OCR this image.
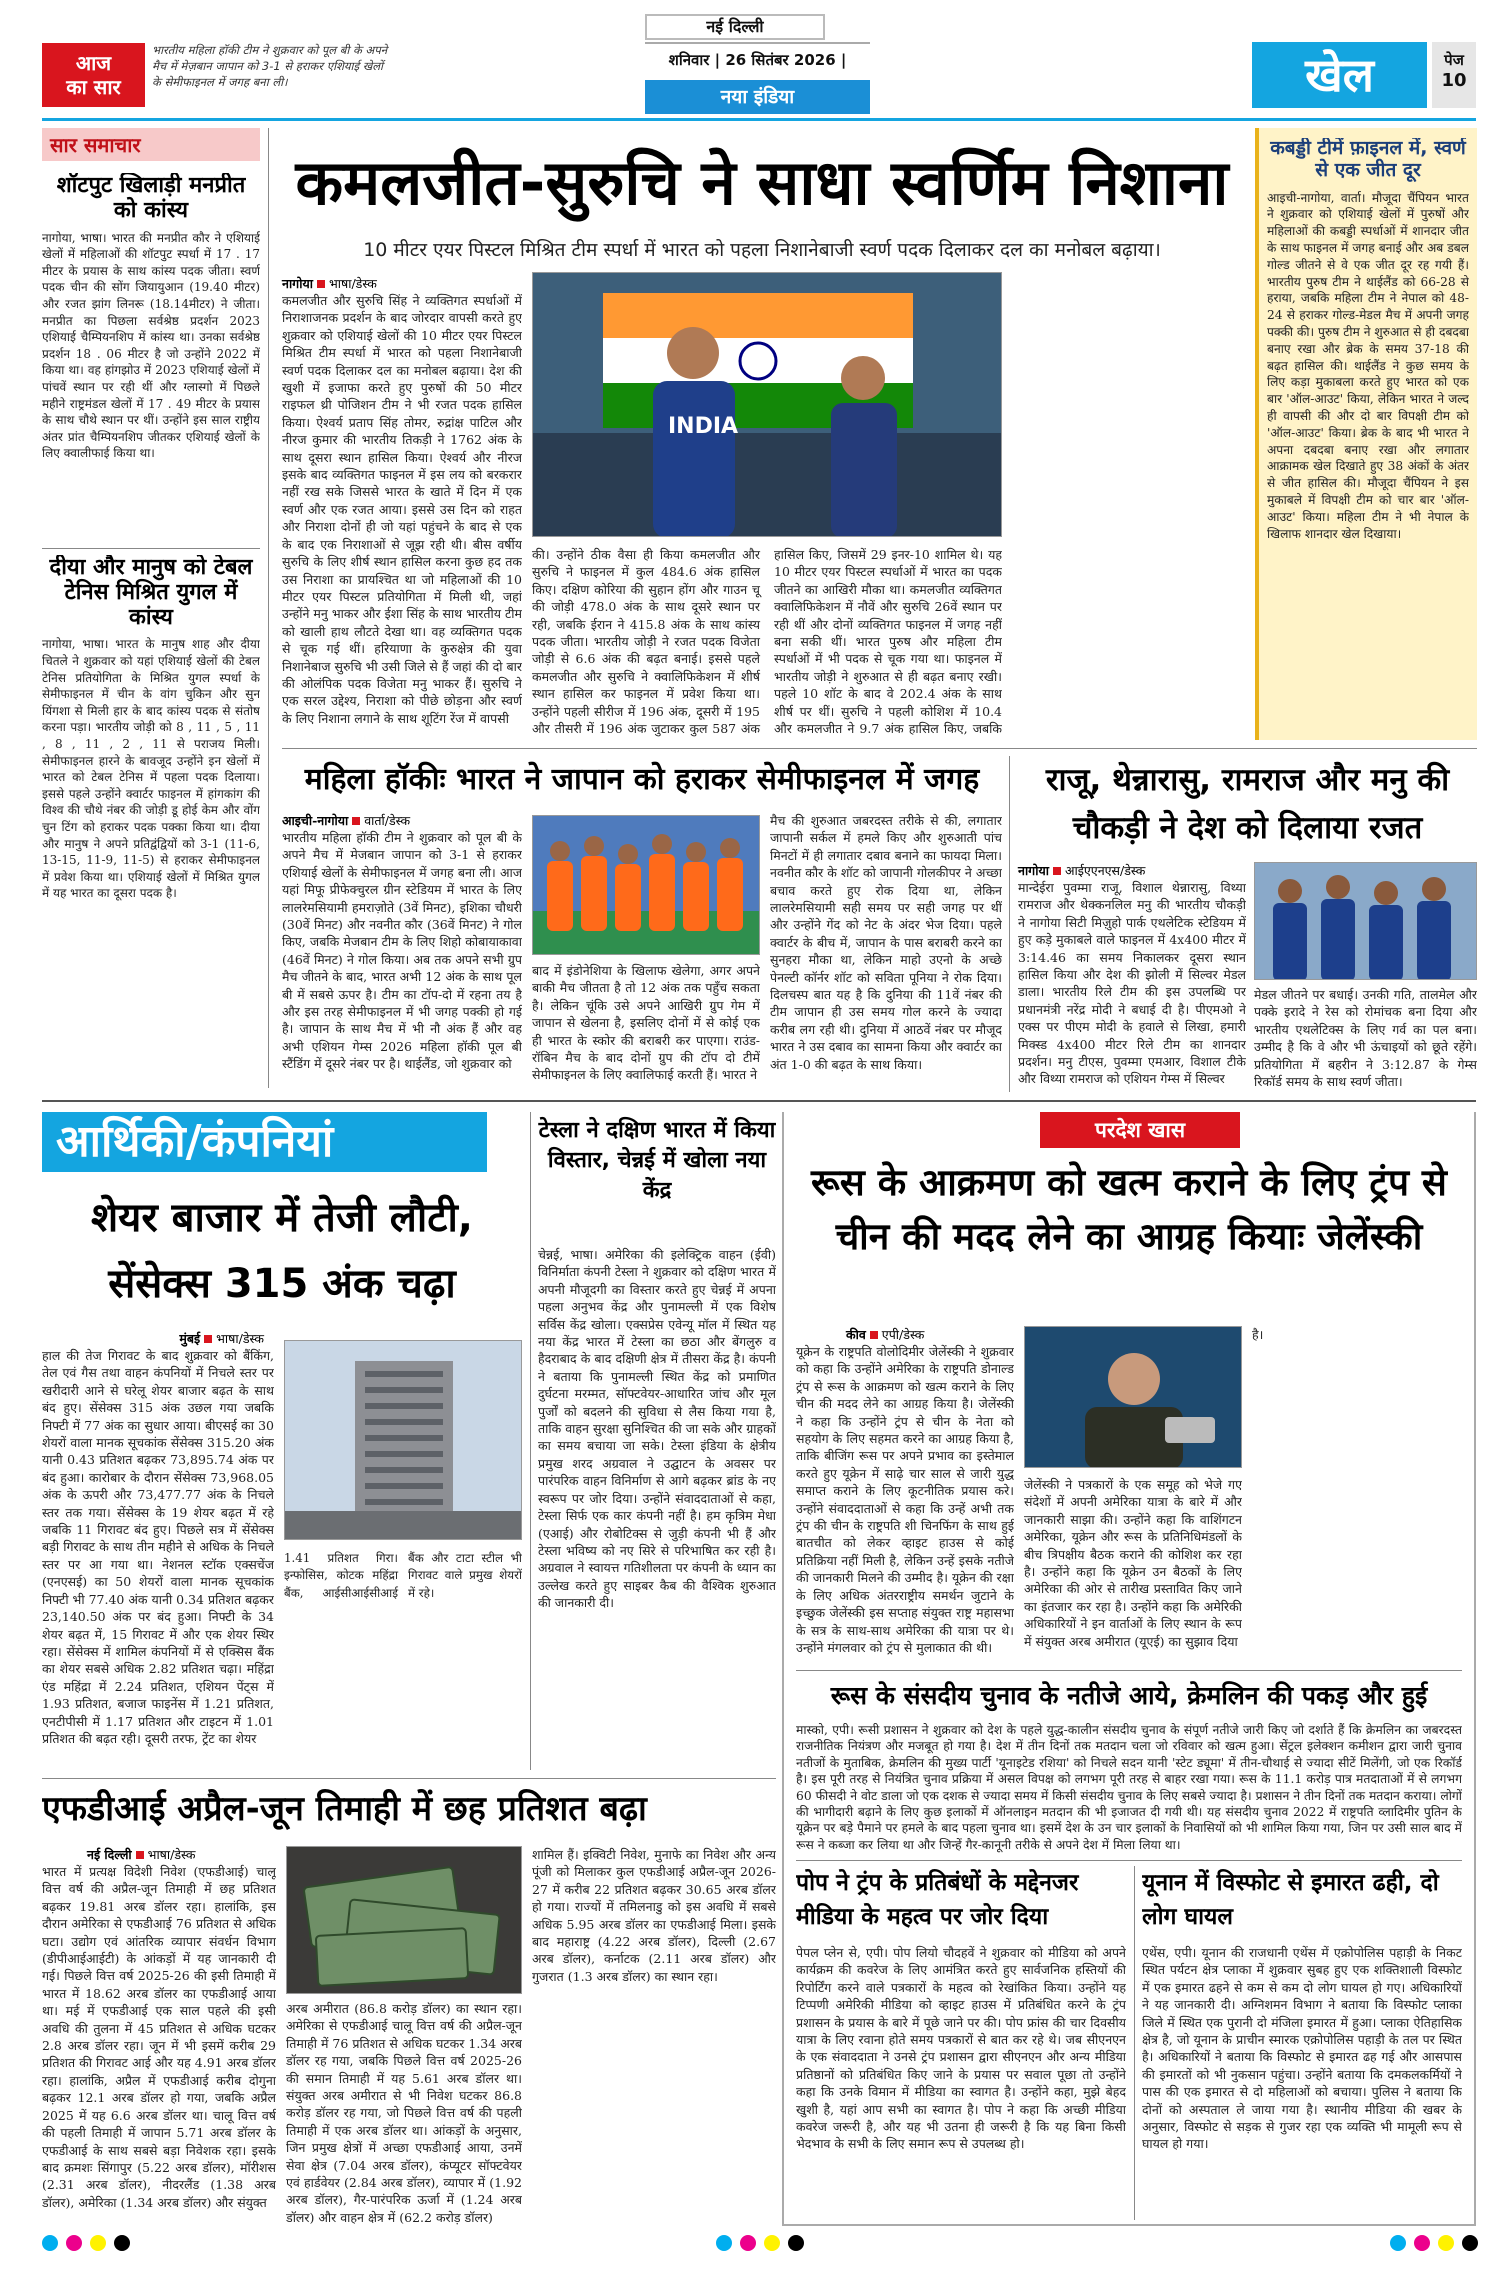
आज का सार
भारतीय महिला हॉकी टीम ने शुक्रवार को पूल बी के अपने मैच में मेज़बान जापान को 3-1 से हराकर एशियाई खेलों के सेमीफाइनल में जगह बना ली।
नई दिल्ली
शनिवार | 26 सितंबर 2026 |
नया इंडिया	खेल	पेज
10
सार समाचार
शॉटपुट खिलाड़ी मनप्रीत को कांस्य
नागोया, भाषा। भारत की मनप्रीत कौर ने एशियाई खेलों में महिलाओं की शॉटपुट स्पर्धा में 17 . 17 मीटर के प्रयास के साथ कांस्य पदक जीता। स्वर्ण पदक चीन की सोंग जियायुआन (19.40 मीटर) और रजत झांग लिनरू (18.14मीटर) ने जीता। मनप्रीत का पिछला सर्वश्रेष्ठ प्रदर्शन 2023 एशियाई चैम्पियनशिप में कांस्य था। उनका सर्वश्रेष्ठ प्रदर्शन 18 . 06 मीटर है जो उन्होंने 2022 में किया था। वह हांगझोउ में 2023 एशियाई खेलों में पांचवें स्थान पर रही थीं और ग्लास्गो में पिछले महीने राष्ट्रमंडल खेलों में 17 . 49 मीटर के प्रयास के साथ चौथे स्थान पर थीं। उन्होंने इस साल राष्ट्रीय अंतर प्रांत चैम्पियनशिप जीतकर एशियाई खेलों के लिए क्वालीफाई किया था।
दीया और मानुष को टेबल टेनिस मिश्रित युगल में कांस्य
नागोया, भाषा। भारत के मानुष शाह और दीया चितले ने शुक्रवार को यहां एशियाई खेलों की टेबल टेनिस प्रतियोगिता के मिश्रित युगल स्पर्धा के सेमीफाइनल में चीन के वांग चुकिन और सुन यिंगशा से मिली हार के बाद कांस्य पदक से संतोष करना पड़ा। भारतीय जोड़ी को 8 , 11 , 5 , 11 , 8 , 11 , 2 , 11 से पराजय मिली। सेमीफाइनल हारने के बावजूद उन्होंने इन खेलों में भारत को टेबल टेनिस में पहला पदक दिलाया। इससे पहले उन्होंने क्वार्टर फाइनल में हांगकांग की विश्व की चौथे नंबर की जोड़ी डू होई केम और वोंग चुन टिंग को हराकर पदक पक्का किया था। दीया और मानुष ने अपने प्रतिद्वंद्वियों को 3-1 (11-6, 13-15, 11-9, 11-5) से हराकर सेमीफाइनल में प्रवेश किया था। एशियाई खेलों में मिश्रित युगल में यह भारत का दूसरा पदक है।
कमलजीत-सुरुचि ने साधा स्वर्णिम निशाना
10 मीटर एयर पिस्टल मिश्रित टीम स्पर्धा में भारत को पहला निशानेबाजी स्वर्ण पदक दिलाकर दल का मनोबल बढ़ाया।
नागोया भाषा/डेस्क
कमलजीत और सुरुचि सिंह ने व्यक्तिगत स्पर्धाओं में निराशाजनक प्रदर्शन के बाद जोरदार वापसी करते हुए शुक्रवार को एशियाई खेलों की 10 मीटर एयर पिस्टल मिश्रित टीम स्पर्धा में भारत को पहला निशानेबाजी स्वर्ण पदक दिलाकर दल का मनोबल बढ़ाया। देश की खुशी में इजाफा करते हुए पुरुषों की 50 मीटर राइफल थ्री पोजिशन टीम ने भी रजत पदक हासिल किया। ऐश्वर्य प्रताप सिंह तोमर, रुद्रांक्ष पाटिल और नीरज कुमार की भारतीय तिकड़ी ने 1762 अंक के साथ दूसरा स्थान हासिल किया। ऐश्वर्य और नीरज इसके बाद व्यक्तिगत फाइनल में इस लय को बरकरार नहीं रख सके जिससे भारत के खाते में दिन में एक स्वर्ण और एक रजत आया। इससे उस दिन को राहत और निराशा दोनों ही जो यहां पहुंचने के बाद से एक के बाद एक निराशाओं से जूझ रही थी। बीस वर्षीय सुरुचि के लिए शीर्ष स्थान हासिल करना कुछ हद तक उस निराशा का प्रायश्चित था जो महिलाओं की 10 मीटर एयर पिस्टल प्रतियोगिता में मिली थी, जहां उन्होंने मनु भाकर और ईशा सिंह के साथ भारतीय टीम को खाली हाथ लौटते देखा था। वह व्यक्तिगत पदक से चूक गई थीं। हरियाणा के कुरुक्षेत्र की युवा निशानेबाज सुरुचि भी उसी जिले से हैं जहां की दो बार की ओलंपिक पदक विजेता मनु भाकर हैं। सुरुचि ने एक सरल उद्देश्य, निराशा को पीछे छोड़ना और स्वर्ण के लिए निशाना लगाने के साथ शूटिंग रेंज में वापसी
INDIA
की। उन्होंने ठीक वैसा ही किया कमलजीत और सुरुचि ने फाइनल में कुल 484.6 अंक हासिल किए। दक्षिण कोरिया की सुहान होंग और गाउन चू की जोड़ी 478.0 अंक के साथ दूसरे स्थान पर रही, जबकि ईरान ने 415.8 अंक के साथ कांस्य पदक जीता। भारतीय जोड़ी ने रजत पदक विजेता जोड़ी से 6.6 अंक की बढ़त बनाई। इससे पहले कमलजीत और सुरुचि ने क्वालिफिकेशन में शीर्ष स्थान हासिल कर फाइनल में प्रवेश किया था। उन्होंने पहली सीरीज में 196 अंक, दूसरी में 195 और तीसरी में 196 अंक जुटाकर कुल 587 अंक हासिल किए, जिसमें 29 इनर-10 शामिल थे। यह 10 मीटर एयर पिस्टल स्पर्धाओं में भारत का पदक जीतने का आखिरी मौका था। कमलजीत व्यक्तिगत क्वालिफिकेशन में नौवें और सुरुचि 26वें स्थान पर रही थीं और दोनों व्यक्तिगत फाइनल में जगह नहीं बना सकी थीं। भारत पुरुष और महिला टीम स्पर्धाओं में भी पदक से चूक गया था। फाइनल में भारतीय जोड़ी ने शुरुआत से ही बढ़त बनाए रखी। पहले 10 शॉट के बाद वे 202.4 अंक के साथ शीर्ष पर थीं। सुरुचि ने पहली कोशिश में 10.4 और कमलजीत ने 9.7 अंक हासिल किए, जबकि
कबड्डी टीमें फ़ाइनल में, स्वर्ण से एक जीत दूर
आइची-नागोया, वार्ता। मौजूदा चैंपियन भारत ने शुक्रवार को एशियाई खेलों में पुरुषों और महिलाओं की कबड्डी स्पर्धाओं में शानदार जीत के साथ फाइनल में जगह बनाई और अब डबल गोल्ड जीतने से वे एक जीत दूर रह गयी हैं। भारतीय पुरुष टीम ने थाईलैंड को 66-28 से हराया, जबकि महिला टीम ने नेपाल को 48-24 से हराकर गोल्ड-मेडल मैच में अपनी जगह पक्की की। पुरुष टीम ने शुरुआत से ही दबदबा बनाए रखा और ब्रेक के समय 37-18 की बढ़त हासिल की। थाईलैंड ने कुछ समय के लिए कड़ा मुकाबला करते हुए भारत को एक बार 'ऑल-आउट' किया, लेकिन भारत ने जल्द ही वापसी की और दो बार विपक्षी टीम को 'ऑल-आउट' किया। ब्रेक के बाद भी भारत ने अपना दबदबा बनाए रखा और लगातार आक्रामक खेल दिखाते हुए 38 अंकों के अंतर से जीत हासिल की। मौजूदा चैंपियन ने इस मुकाबले में विपक्षी टीम को चार बार 'ऑल-आउट' किया। महिला टीम ने भी नेपाल के खिलाफ शानदार खेल दिखाया।
महिला हॉकीः भारत ने जापान को हराकर सेमीफाइनल में जगह
आइची-नागोया वार्ता/डेस्क
भारतीय महिला हॉकी टीम ने शुक्रवार को पूल बी के अपने मैच में मेजबान जापान को 3-1 से हराकर एशियाई खेलों के सेमीफाइनल में जगह बना ली। आज यहां मिफू प्रीफेक्चुरल ग्रीन स्टेडियम में भारत के लिए लालरेमसियामी हमराज़ोते (3वें मिनट), इशिका चौधरी (30वें मिनट) और नवनीत कौर (36वें मिनट) ने गोल किए, जबकि मेजबान टीम के लिए शिहो कोबायाकावा (46वें मिनट) ने गोल किया। अब तक अपने सभी ग्रुप मैच जीतने के बाद, भारत अभी 12 अंक के साथ पूल बी में सबसे ऊपर है। टीम का टॉप-दो में रहना तय है और इस तरह सेमीफाइनल में भी जगह पक्की हो गई है। जापान के साथ मैच में भी नौ अंक हैं और वह अभी एशियन गेम्स 2026 महिला हॉकी पूल बी स्टैंडिंग में दूसरे नंबर पर है। थाईलैंड, जो शुक्रवार को
बाद में इंडोनेशिया के खिलाफ खेलेगा, अगर अपने बाकी मैच जीतता है तो 12 अंक तक पहुँच सकता है। लेकिन चूंकि उसे अपने आखिरी ग्रुप गेम में जापान से खेलना है, इसलिए दोनों में से कोई एक ही भारत के स्कोर की बराबरी कर पाएगा। राउंड-रॉबिन मैच के बाद दोनों ग्रुप की टॉप दो टीमें सेमीफाइनल के लिए क्वालिफाई करती हैं। भारत ने
मैच की शुरुआत जबरदस्त तरीके से की, लगातार जापानी सर्कल में हमले किए और शुरुआती पांच मिनटों में ही लगातार दबाव बनाने का फायदा मिला। नवनीत कौर के शॉट को जापानी गोलकीपर ने अच्छा बचाव करते हुए रोक दिया था, लेकिन लालरेमसियामी सही समय पर सही जगह पर थीं और उन्होंने गेंद को नेट के अंदर भेज दिया। पहले क्वार्टर के बीच में, जापान के पास बराबरी करने का सुनहरा मौका था, लेकिन माहो उएनो के अच्छे पेनल्टी कॉर्नर शॉट को सविता पूनिया ने रोक दिया। दिलचस्प बात यह है कि दुनिया की 11वें नंबर की टीम जापान ही उस समय गोल करने के ज्यादा करीब लग रही थी। दुनिया में आठवें नंबर पर मौजूद भारत ने उस दबाव का सामना किया और क्वार्टर का अंत 1-0 की बढ़त के साथ किया।
राजू, थेन्नारासु, रामराज और मनु की चौकड़ी ने देश को दिलाया रजत
नागोया आईएएनएस/डेस्क
मान्देईरा पुवम्मा राजू, विशाल थेन्नारासु, विथ्या रामराज और थेक्कनलिल मनु की भारतीय चौकड़ी ने नागोया सिटी मिज़ुहो पार्क एथलेटिक स्टेडियम में हुए कड़े मुकाबले वाले फाइनल में 4x400 मीटर में 3:14.46 का समय निकालकर दूसरा स्थान हासिल किया और देश की झोली में सिल्वर मेडल डाला। भारतीय रिले टीम की इस उपलब्धि पर प्रधानमंत्री नरेंद्र मोदी ने बधाई दी है। पीएमओ ने एक्स पर पीएम मोदी के हवाले से लिखा, हमारी मिक्स्ड 4x400 मीटर रिले टीम का शानदार प्रदर्शन। मनु टीएस, पुवम्मा एमआर, विशाल टीके और विथ्या रामराज को एशियन गेम्स में सिल्वर
मेडल जीतने पर बधाई। उनकी गति, तालमेल और पक्के इरादे ने रेस को रोमांचक बना दिया और भारतीय एथलेटिक्स के लिए गर्व का पल बना। उम्मीद है कि वे और भी ऊंचाइयों को छूते रहेंगे। प्रतियोगिता में बहरीन ने 3:12.87 के गेम्स रिकॉर्ड समय के साथ स्वर्ण जीता।
आर्थिकी/कंपनियां
शेयर बाजार में तेजी लौटी, सेंसेक्स 315 अंक चढ़ा
मुंबई भाषा/डेस्क
हाल की तेज गिरावट के बाद शुक्रवार को बैंकिंग, तेल एवं गैस तथा वाहन कंपनियों में निचले स्तर पर खरीदारी आने से घरेलू शेयर बाजार बढ़त के साथ बंद हुए। सेंसेक्स 315 अंक उछल गया जबकि निफ्टी में 77 अंक का सुधार आया। बीएसई का 30 शेयरों वाला मानक सूचकांक सेंसेक्स 315.20 अंक यानी 0.43 प्रतिशत बढ़कर 73,895.74 अंक पर बंद हुआ। कारोबार के दौरान सेंसेक्स 73,968.05 अंक के ऊपरी और 73,477.77 अंक के निचले स्तर तक गया। सेंसेक्स के 19 शेयर बढ़त में रहे जबकि 11 गिरावट बंद हुए। पिछले सत्र में सेंसेक्स बड़ी गिरावट के साथ तीन महीने से अधिक के निचले स्तर पर आ गया था। नेशनल स्टॉक एक्सचेंज (एनएसई) का 50 शेयरों वाला मानक सूचकांक निफ्टी भी 77.40 अंक यानी 0.34 प्रतिशत बढ़कर 23,140.50 अंक पर बंद हुआ। निफ्टी के 34 शेयर बढ़त में, 15 गिरावट में और एक शेयर स्थिर रहा। सेंसेक्स में शामिल कंपनियों में से एक्सिस बैंक का शेयर सबसे अधिक 2.82 प्रतिशत चढ़ा। महिंद्रा एंड महिंद्रा में 2.24 प्रतिशत, एशियन पेंट्स में 1.93 प्रतिशत, बजाज फाइनेंस में 1.21 प्रतिशत, एनटीपीसी में 1.17 प्रतिशत और टाइटन में 1.01 प्रतिशत की बढ़त रही। दूसरी तरफ, ट्रेंट का शेयर
1.41 प्रतिशत गिरा। इन्फोसिस, कोटक महिंद्रा बैंक, आईसीआईसीआई बैंक और टाटा स्टील भी गिरावट वाले प्रमुख शेयरों में रहे।
टेस्ला ने दक्षिण भारत में किया विस्तार, चेन्नई में खोला नया केंद्र
चेन्नई, भाषा। अमेरिका की इलेक्ट्रिक वाहन (ईवी) विनिर्माता कंपनी टेस्ला ने शुक्रवार को दक्षिण भारत में अपनी मौजूदगी का विस्तार करते हुए चेन्नई में अपना पहला अनुभव केंद्र और पुनामल्ली में एक विशेष सर्विस केंद्र खोला। एक्सप्रेस एवेन्यू मॉल में स्थित यह नया केंद्र भारत में टेस्ला का छठा और बेंगलुरु व हैदराबाद के बाद दक्षिणी क्षेत्र में तीसरा केंद्र है। कंपनी ने बताया कि पुनामल्ली स्थित केंद्र को प्रमाणित दुर्घटना मरम्मत, सॉफ्टवेयर-आधारित जांच और मूल पुर्जों को बदलने की सुविधा से लैस किया गया है, ताकि वाहन सुरक्षा सुनिश्चित की जा सके और ग्राहकों का समय बचाया जा सके। टेस्ला इंडिया के क्षेत्रीय प्रमुख शरद अग्रवाल ने उद्घाटन के अवसर पर पारंपरिक वाहन विनिर्माण से आगे बढ़कर ब्रांड के नए स्वरूप पर जोर दिया। उन्होंने संवाददाताओं से कहा, टेस्ला सिर्फ एक कार कंपनी नहीं है। हम कृत्रिम मेधा (एआई) और रोबोटिक्स से जुड़ी कंपनी भी हैं और टेस्ला भविष्य को नए सिरे से परिभाषित कर रही है। अग्रवाल ने स्वायत्त गतिशीलता पर कंपनी के ध्यान का उल्लेख करते हुए साइबर कैब की वैश्विक शुरुआत की जानकारी दी।
एफडीआई अप्रैल-जून तिमाही में छह प्रतिशत बढ़ा
नई दिल्ली भाषा/डेस्क
भारत में प्रत्यक्ष विदेशी निवेश (एफडीआई) चालू वित्त वर्ष की अप्रैल-जून तिमाही में छह प्रतिशत बढ़कर 19.81 अरब डॉलर रहा। हालांकि, इस दौरान अमेरिका से एफडीआई 76 प्रतिशत से अधिक घटा। उद्योग एवं आंतरिक व्यापार संवर्धन विभाग (डीपीआईआईटी) के आंकड़ों में यह जानकारी दी गई। पिछले वित्त वर्ष 2025-26 की इसी तिमाही में भारत में 18.62 अरब डॉलर का एफडीआई आया था। मई में एफडीआई एक साल पहले की इसी अवधि की तुलना में 45 प्रतिशत से अधिक घटकर 2.8 अरब डॉलर रहा। जून में भी इसमें करीब 29 प्रतिशत की गिरावट आई और यह 4.91 अरब डॉलर रहा। हालांकि, अप्रैल में एफडीआई करीब दोगुना बढ़कर 12.1 अरब डॉलर हो गया, जबकि अप्रैल 2025 में यह 6.6 अरब डॉलर था। चालू वित्त वर्ष की पहली तिमाही में जापान 5.71 अरब डॉलर के एफडीआई के साथ सबसे बड़ा निवेशक रहा। इसके बाद क्रमशः सिंगापुर (5.22 अरब डॉलर), मॉरीशस (2.31 अरब डॉलर), नीदरलैंड (1.38 अरब डॉलर), अमेरिका (1.34 अरब डॉलर) और संयुक्त
अरब अमीरात (86.8 करोड़ डॉलर) का स्थान रहा। अमेरिका से एफडीआई चालू वित्त वर्ष की अप्रैल-जून तिमाही में 76 प्रतिशत से अधिक घटकर 1.34 अरब डॉलर रह गया, जबकि पिछले वित्त वर्ष 2025-26 की समान तिमाही में यह 5.61 अरब डॉलर था। संयुक्त अरब अमीरात से भी निवेश घटकर 86.8 करोड़ डॉलर रह गया, जो पिछले वित्त वर्ष की पहली तिमाही में एक अरब डॉलर था। आंकड़ों के अनुसार, जिन प्रमुख क्षेत्रों में अच्छा एफडीआई आया, उनमें सेवा क्षेत्र (7.04 अरब डॉलर), कंप्यूटर सॉफ्टवेयर एवं हार्डवेयर (2.84 अरब डॉलर), व्यापार में (1.92 अरब डॉलर), गैर-पारंपरिक ऊर्जा में (1.24 अरब डॉलर) और वाहन क्षेत्र में (62.2 करोड़ डॉलर)
शामिल हैं। इक्विटी निवेश, मुनाफे का निवेश और अन्य पूंजी को मिलाकर कुल एफडीआई अप्रैल-जून 2026-27 में करीब 22 प्रतिशत बढ़कर 30.65 अरब डॉलर हो गया। राज्यों में तमिलनाडु को इस अवधि में सबसे अधिक 5.95 अरब डॉलर का एफडीआई मिला। इसके बाद महाराष्ट्र (4.22 अरब डॉलर), दिल्ली (2.67 अरब डॉलर), कर्नाटक (2.11 अरब डॉलर) और गुजरात (1.3 अरब डॉलर) का स्थान रहा।
परदेश खास
रूस के आक्रमण को खत्म कराने के लिए ट्रंप से चीन की मदद लेने का आग्रह कियाः जेलेंस्की
कीव एपी/डेस्क
यूक्रेन के राष्ट्रपति वोलोदिमीर जेलेंस्की ने शुक्रवार को कहा कि उन्होंने अमेरिका के राष्ट्रपति डोनाल्ड ट्रंप से रूस के आक्रमण को खत्म कराने के लिए चीन की मदद लेने का आग्रह किया है। जेलेंस्की ने कहा कि उन्होंने ट्रंप से चीन के नेता को सहयोग के लिए सहमत करने का आग्रह किया है, ताकि बीजिंग रूस पर अपने प्रभाव का इस्तेमाल करते हुए यूक्रेन में साढ़े चार साल से जारी युद्ध समाप्त कराने के लिए कूटनीतिक प्रयास करे। उन्होंने संवाददाताओं से कहा कि उन्हें अभी तक ट्रंप की चीन के राष्ट्रपति शी चिनफिंग के साथ हुई बातचीत को लेकर व्हाइट हाउस से कोई प्रतिक्रिया नहीं मिली है, लेकिन उन्हें इसके नतीजे की जानकारी मिलने की उम्मीद है। यूक्रेन की रक्षा के लिए अधिक अंतरराष्ट्रीय समर्थन जुटाने के इच्छुक जेलेंस्की इस सप्ताह संयुक्त राष्ट्र महासभा के सत्र के साथ-साथ अमेरिका की यात्रा पर थे। उन्होंने मंगलवार को ट्रंप से मुलाकात की थी।
जेलेंस्की ने पत्रकारों के एक समूह को भेजे गए संदेशों में अपनी अमेरिका यात्रा के बारे में और जानकारी साझा की। उन्होंने कहा कि वाशिंगटन अमेरिका, यूक्रेन और रूस के प्रतिनिधिमंडलों के बीच त्रिपक्षीय बैठक कराने की कोशिश कर रहा है। उन्होंने कहा कि यूक्रेन उन बैठकों के लिए अमेरिका की ओर से तारीख प्रस्तावित किए जाने का इंतजार कर रहा है। उन्होंने कहा कि अमेरिकी अधिकारियों ने इन वार्ताओं के लिए स्थान के रूप में संयुक्त अरब अमीरात (यूएई) का सुझाव दिया
है।
रूस के संसदीय चुनाव के नतीजे आये, क्रेमलिन की पकड़ और हुई
मास्को, एपी। रूसी प्रशासन ने शुक्रवार को देश के पहले युद्ध-कालीन संसदीय चुनाव के संपूर्ण नतीजे जारी किए जो दर्शाते हैं कि क्रेमलिन का जबरदस्त राजनीतिक नियंत्रण और मजबूत हो गया है। देश में तीन दिनों तक मतदान चला जो रविवार को खत्म हुआ। सेंट्रल इलेक्शन कमीशन द्वारा जारी चुनाव नतीजों के मुताबिक, क्रेमलिन की मुख्य पार्टी 'यूनाइटेड रशिया' को निचले सदन यानी 'स्टेट ड्यूमा' में तीन-चौथाई से ज्यादा सीटें मिलेंगी, जो एक रिकॉर्ड है। इस पूरी तरह से नियंत्रित चुनाव प्रक्रिया में असल विपक्ष को लगभग पूरी तरह से बाहर रखा गया। रूस के 11.1 करोड़ पात्र मतदाताओं में से लगभग 60 फीसदी ने वोट डाला जो एक दशक से ज्यादा समय में किसी संसदीय चुनाव के लिए सबसे ज्यादा है। प्रशासन ने तीन दिनों तक मतदान कराया। लोगों की भागीदारी बढ़ाने के लिए कुछ इलाकों में ऑनलाइन मतदान की भी इजाजत दी गयी थी। यह संसदीय चुनाव 2022 में राष्ट्रपति व्लादिमीर पुतिन के यूक्रेन पर बड़े पैमाने पर हमले के बाद पहला चुनाव था। इसमें देश के उन चार इलाकों के निवासियों को भी शामिल किया गया, जिन पर उसी साल बाद में रूस ने कब्जा कर लिया था और जिन्हें गैर-कानूनी तरीके से अपने देश में मिला लिया था।
पोप ने ट्रंप के प्रतिबंधों के मद्देनजर मीडिया के महत्व पर जोर दिया
पेपल प्लेन से, एपी। पोप लियो चौदहवें ने शुक्रवार को मीडिया को अपने कार्यक्रम की कवरेज के लिए आमंत्रित करते हुए सार्वजनिक हस्तियों की रिपोर्टिंग करने वाले पत्रकारों के महत्व को रेखांकित किया। उन्होंने यह टिप्पणी अमेरिकी मीडिया को व्हाइट हाउस में प्रतिबंधित करने के ट्रंप प्रशासन के प्रयास के बारे में पूछे जाने पर की। पोप फ्रांस की चार दिवसीय यात्रा के लिए रवाना होते समय पत्रकारों से बात कर रहे थे। जब सीएनएन के एक संवाददाता ने उनसे ट्रंप प्रशासन द्वारा सीएनएन और अन्य मीडिया प्रतिष्ठानों को प्रतिबंधित किए जाने के प्रयास पर सवाल पूछा तो उन्होंने कहा कि उनके विमान में मीडिया का स्वागत है। उन्होंने कहा, मुझे बेहद खुशी है, यहां आप सभी का स्वागत है। पोप ने कहा कि अच्छी मीडिया कवरेज जरूरी है, और यह भी उतना ही जरूरी है कि यह बिना किसी भेदभाव के सभी के लिए समान रूप से उपलब्ध हो।
यूनान में विस्फोट से इमारत ढही, दो लोग घायल
एथेंस, एपी। यूनान की राजधानी एथेंस में एक्रोपोलिस पहाड़ी के निकट स्थित पर्यटन क्षेत्र प्लाका में शुक्रवार सुबह हुए एक शक्तिशाली विस्फोट में एक इमारत ढहने से कम से कम दो लोग घायल हो गए। अधिकारियों ने यह जानकारी दी। अग्निशमन विभाग ने बताया कि विस्फोट प्लाका जिले में स्थित एक पुरानी दो मंजिला इमारत में हुआ। प्लाका ऐतिहासिक क्षेत्र है, जो यूनान के प्राचीन स्मारक एक्रोपोलिस पहाड़ी के तल पर स्थित है। अधिकारियों ने बताया कि विस्फोट से इमारत ढह गई और आसपास की इमारतों को भी नुकसान पहुंचा। उन्होंने बताया कि दमकलकर्मियों ने पास की एक इमारत से दो महिलाओं को बचाया। पुलिस ने बताया कि दोनों को अस्पताल ले जाया गया है। स्थानीय मीडिया की खबर के अनुसार, विस्फोट से सड़क से गुजर रहा एक व्यक्ति भी मामूली रूप से घायल हो गया।
